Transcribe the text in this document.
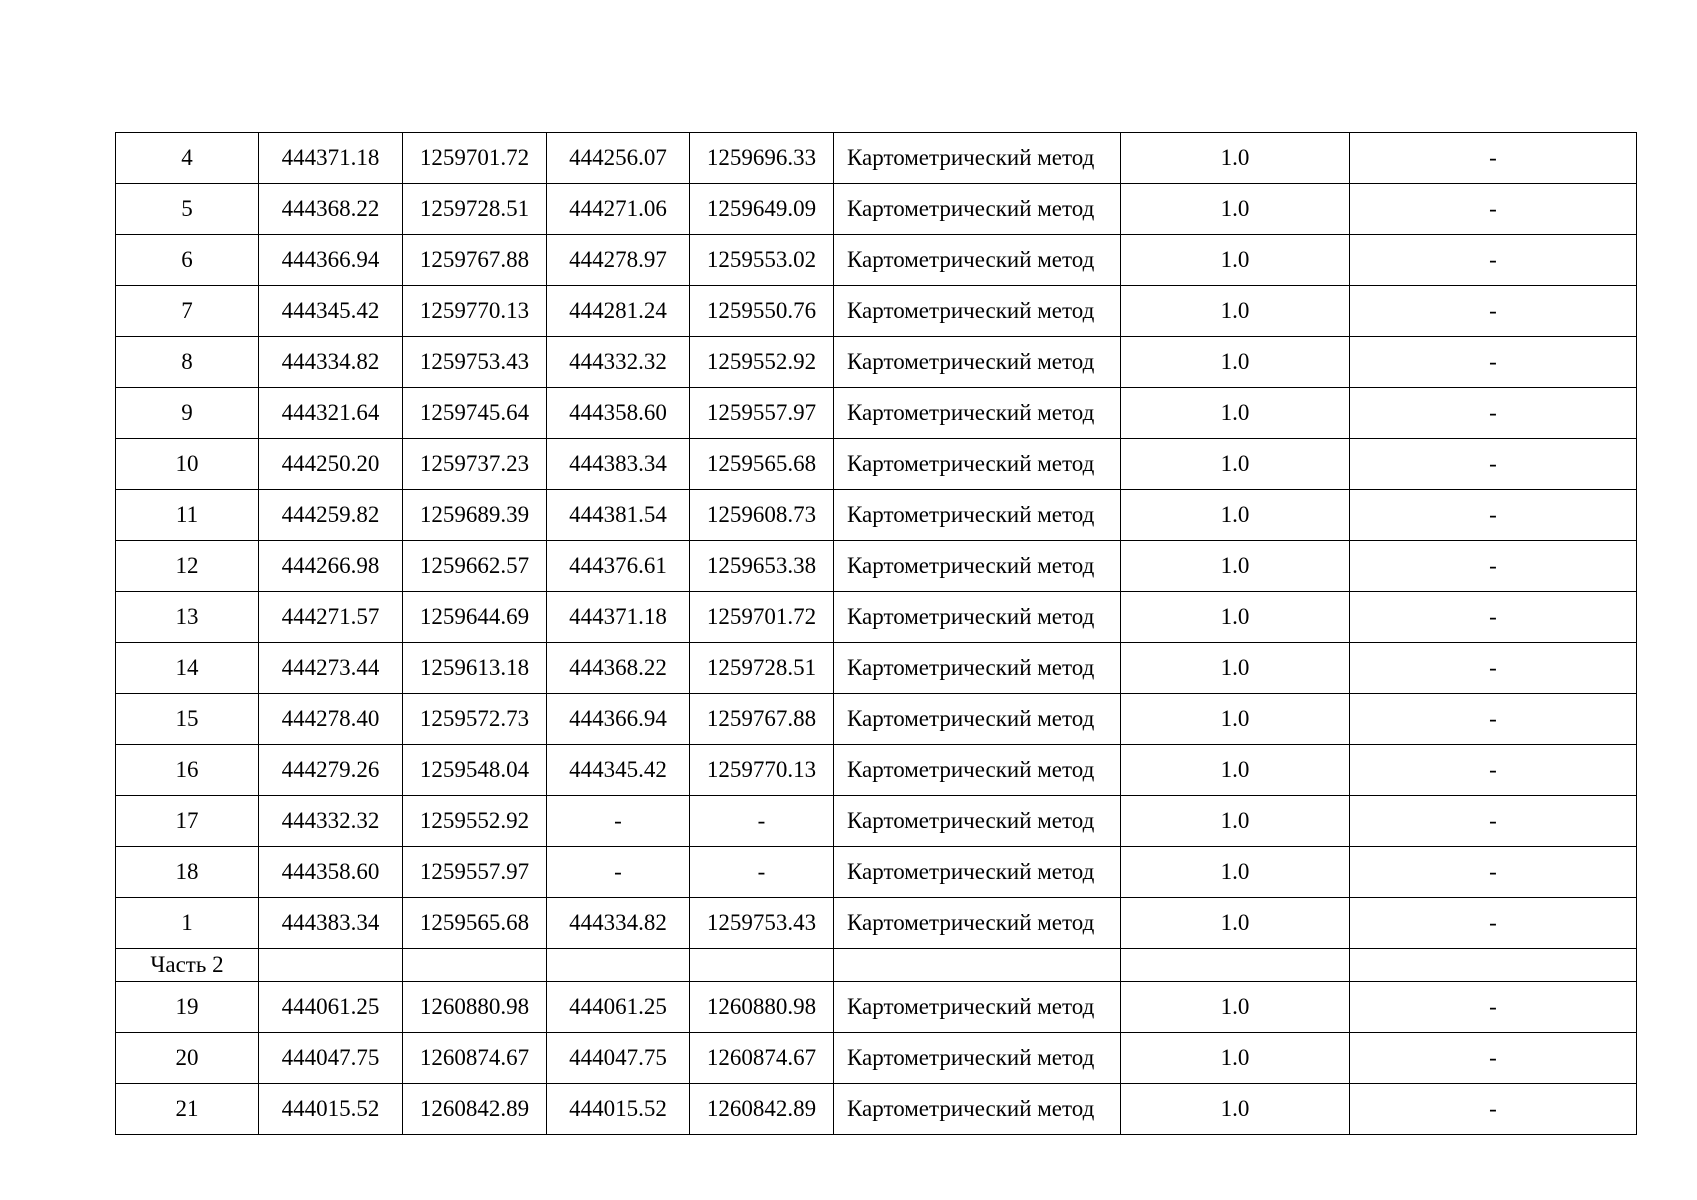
4	444371.18	1259701.72	444256.07	1259696.33	Картометрический метод	1.0	-
5	444368.22	1259728.51	444271.06	1259649.09	Картометрический метод	1.0	-
6	444366.94	1259767.88	444278.97	1259553.02	Картометрический метод	1.0	-
7	444345.42	1259770.13	444281.24	1259550.76	Картометрический метод	1.0	-
8	444334.82	1259753.43	444332.32	1259552.92	Картометрический метод	1.0	-
9	444321.64	1259745.64	444358.60	1259557.97	Картометрический метод	1.0	-
10	444250.20	1259737.23	444383.34	1259565.68	Картометрический метод	1.0	-
11	444259.82	1259689.39	444381.54	1259608.73	Картометрический метод	1.0	-
12	444266.98	1259662.57	444376.61	1259653.38	Картометрический метод	1.0	-
13	444271.57	1259644.69	444371.18	1259701.72	Картометрический метод	1.0	-
14	444273.44	1259613.18	444368.22	1259728.51	Картометрический метод	1.0	-
15	444278.40	1259572.73	444366.94	1259767.88	Картометрический метод	1.0	-
16	444279.26	1259548.04	444345.42	1259770.13	Картометрический метод	1.0	-
17	444332.32	1259552.92	-	-	Картометрический метод	1.0	-
18	444358.60	1259557.97	-	-	Картометрический метод	1.0	-
1	444383.34	1259565.68	444334.82	1259753.43	Картометрический метод	1.0	-
Часть 2							
19	444061.25	1260880.98	444061.25	1260880.98	Картометрический метод	1.0	-
20	444047.75	1260874.67	444047.75	1260874.67	Картометрический метод	1.0	-
21	444015.52	1260842.89	444015.52	1260842.89	Картометрический метод	1.0	-
